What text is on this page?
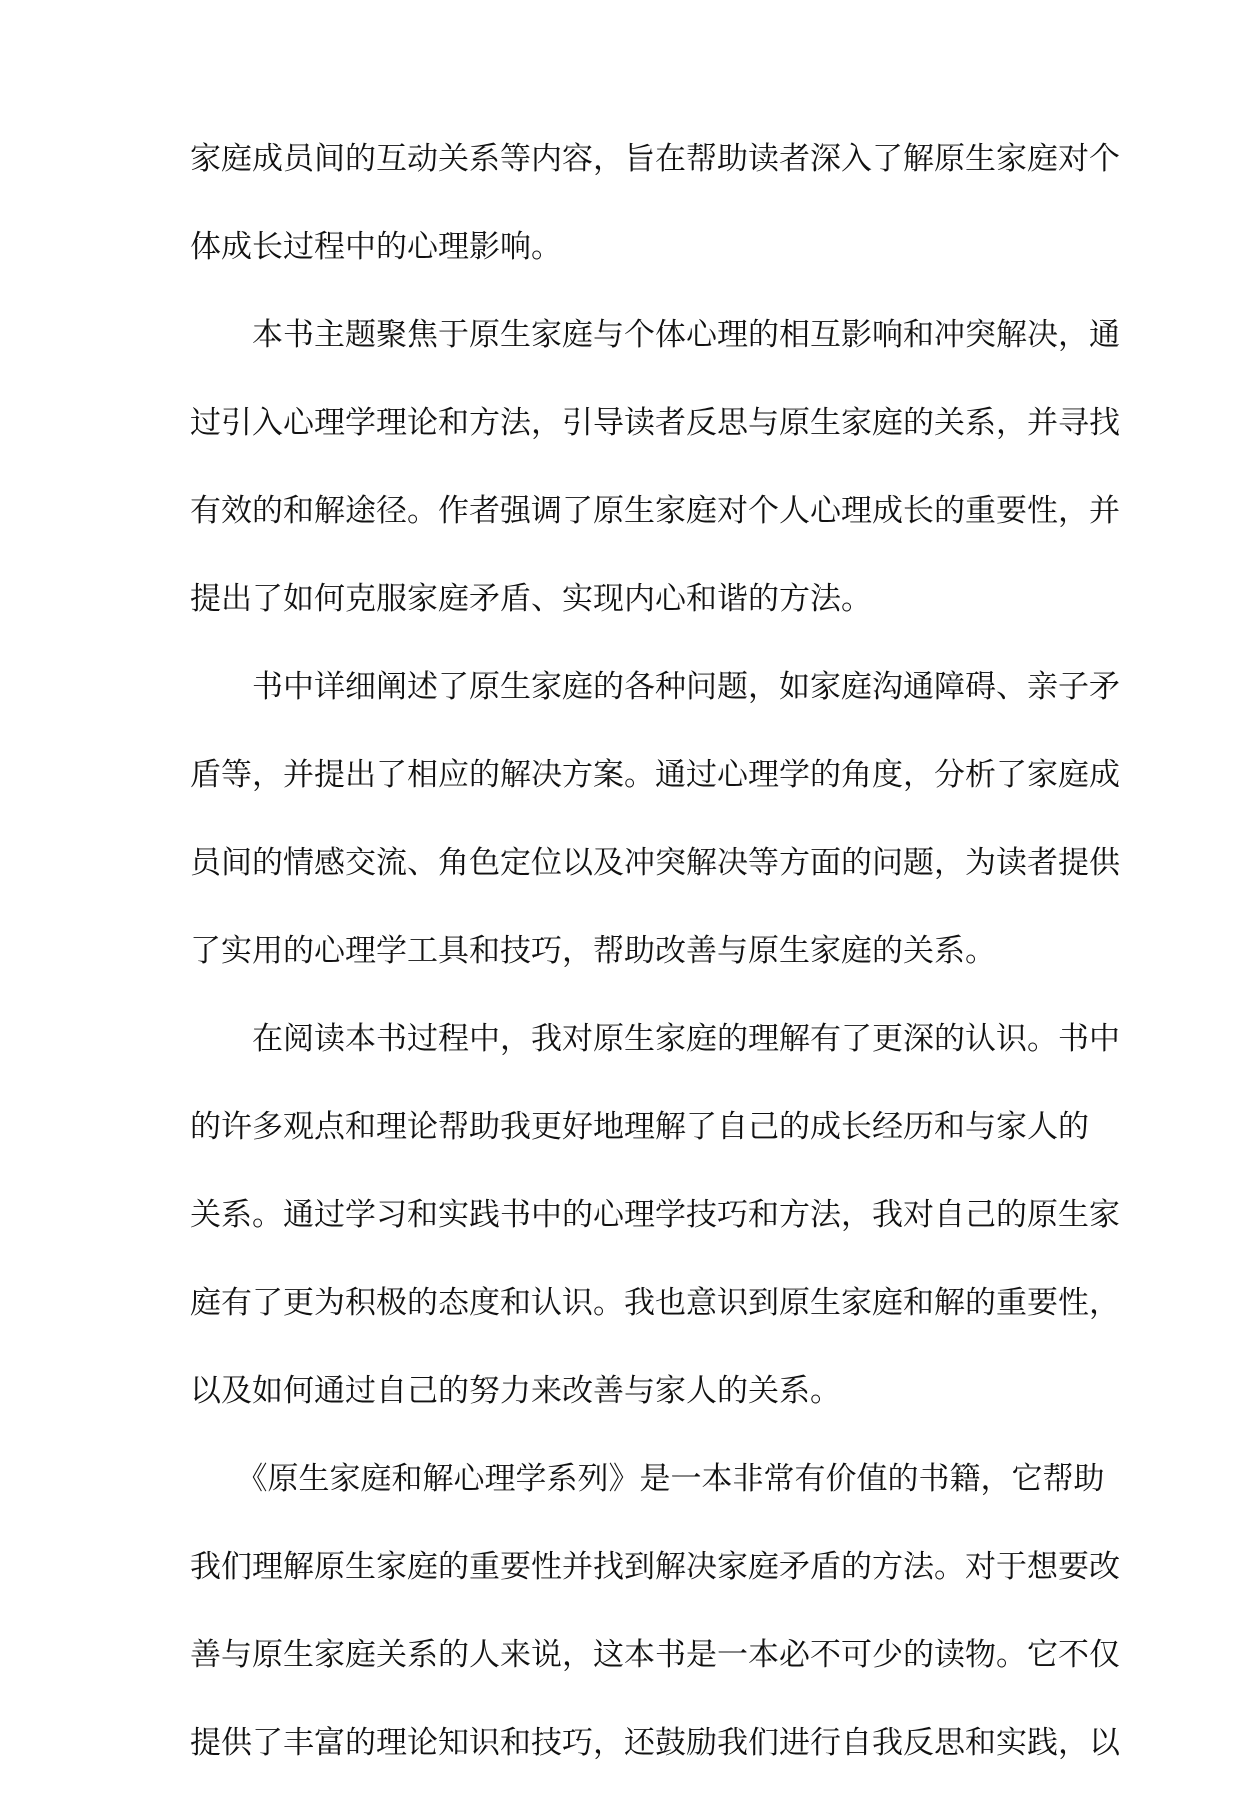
家庭成员间的互动关系等内容，旨在帮助读者深入了解原生家庭对个
体成长过程中的心理影响。
　　本书主题聚焦于原生家庭与个体心理的相互影响和冲突解决，通
过引入心理学理论和方法，引导读者反思与原生家庭的关系，并寻找
有效的和解途径。作者强调了原生家庭对个人心理成长的重要性，并
提出了如何克服家庭矛盾、实现内心和谐的方法。
　　书中详细阐述了原生家庭的各种问题，如家庭沟通障碍、亲子矛
盾等，并提出了相应的解决方案。通过心理学的角度，分析了家庭成
员间的情感交流、角色定位以及冲突解决等方面的问题，为读者提供
了实用的心理学工具和技巧，帮助改善与原生家庭的关系。
　　在阅读本书过程中，我对原生家庭的理解有了更深的认识。书中
的许多观点和理论帮助我更好地理解了自己的成长经历和与家人的
关系。通过学习和实践书中的心理学技巧和方法，我对自己的原生家
庭有了更为积极的态度和认识。我也意识到原生家庭和解的重要性，
以及如何通过自己的努力来改善与家人的关系。
　　《原生家庭和解心理学系列》是一本非常有价值的书籍，它帮助
我们理解原生家庭的重要性并找到解决家庭矛盾的方法。对于想要改
善与原生家庭关系的人来说，这本书是一本必不可少的读物。它不仅
提供了丰富的理论知识和技巧，还鼓励我们进行自我反思和实践，以
